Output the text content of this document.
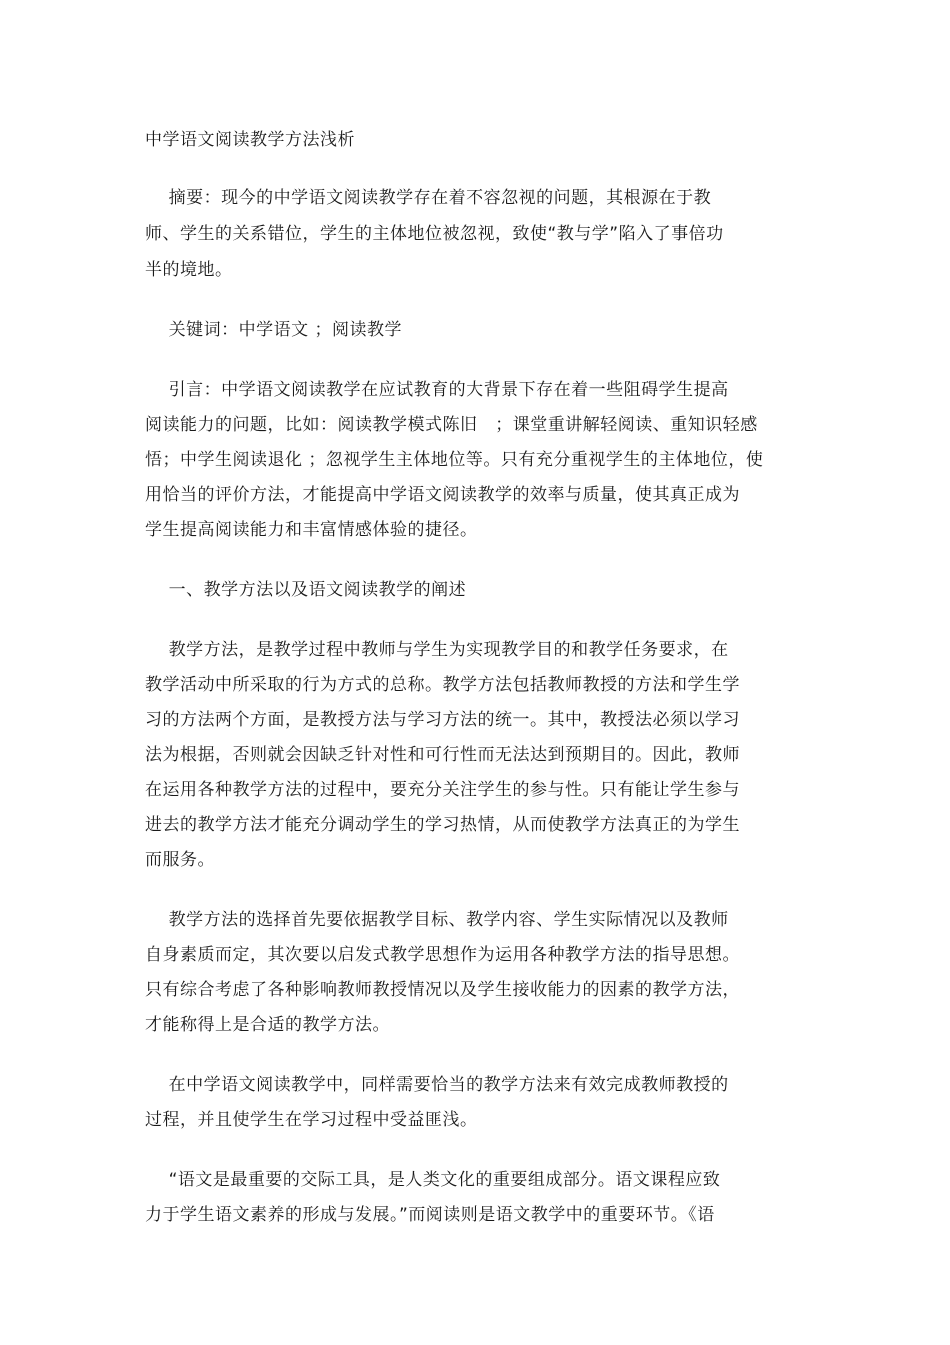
中学语文阅读教学方法浅析
摘要：现今的中学语文阅读教学存在着不容忽视的问题，其根源在于教
师、学生的关系错位，学生的主体地位被忽视，致使“教与学”陷入了事倍功
半的境地。
关键词：中学语文 ；阅读教学
引言：中学语文阅读教学在应试教育的大背景下存在着一些阻碍学生提高
阅读能力的问题，比如：阅读教学模式陈旧   ；课堂重讲解轻阅读、重知识轻感
悟；中学生阅读退化 ；忽视学生主体地位等。只有充分重视学生的主体地位，使
用恰当的评价方法，才能提高中学语文阅读教学的效率与质量，使其真正成为
学生提高阅读能力和丰富情感体验的捷径。
一、教学方法以及语文阅读教学的阐述
教学方法，是教学过程中教师与学生为实现教学目的和教学任务要求，在
教学活动中所采取的行为方式的总称。教学方法包括教师教授的方法和学生学
习的方法两个方面，是教授方法与学习方法的统一。其中，教授法必须以学习
法为根据，否则就会因缺乏针对性和可行性而无法达到预期目的。因此，教师
在运用各种教学方法的过程中，要充分关注学生的参与性。只有能让学生参与
进去的教学方法才能充分调动学生的学习热情，从而使教学方法真正的为学生
而服务。
教学方法的选择首先要依据教学目标、教学内容、学生实际情况以及教师
自身素质而定，其次要以启发式教学思想作为运用各种教学方法的指导思想。
只有综合考虑了各种影响教师教授情况以及学生接收能力的因素的教学方法，
才能称得上是合适的教学方法。
在中学语文阅读教学中，同样需要恰当的教学方法来有效完成教师教授的
过程，并且使学生在学习过程中受益匪浅。
“语文是最重要的交际工具，是人类文化的重要组成部分。语文课程应致
力于学生语文素养的形成与发展。”而阅读则是语文教学中的重要环节。《语
